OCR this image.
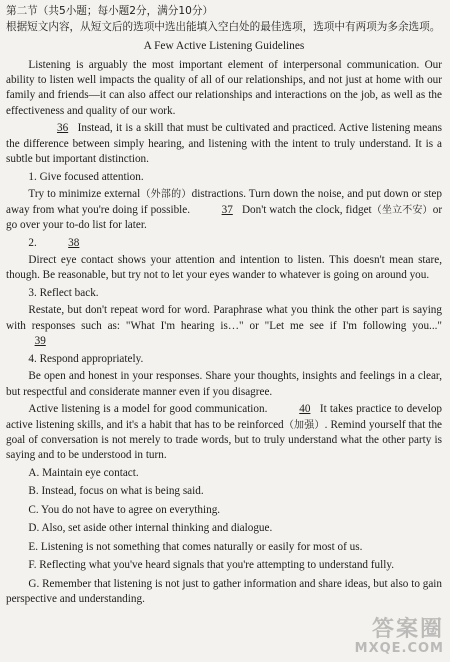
第二节（共5小题；每小题2分，满分10分）

根据短文内容，从短文后的选项中选出能填入空白处的最佳选项，选项中有两项为多余选项。

A Few Active Listening Guidelines

Listening is arguably the most important element of interpersonal communication. Our ability to listen well impacts the quality of all of our relationships, and not just at home with our family and friends—it can also affect our relationships and interactions on the job, as well as the effectiveness and quality of our work.

36 Instead, it is a skill that must be cultivated and practiced. Active listening means the difference between simply hearing, and listening with the intent to truly understand. It is a subtle but important distinction.

1. Give focused attention.

Try to minimize external（外部的）distractions. Turn down the noise, and put down or step away from what you're doing if possible.	37 Don't watch the clock, fidget（坐立不安）or go over your to-do list for later.

2.	38

Direct eye contact shows your attention and intention to listen. This doesn't mean stare, though. Be reasonable, but try not to let your eyes wander to whatever is going on around you.

3. Reflect back.

Restate, but don't repeat word for word. Paraphrase what you think the other part is saying with responses such as: "What I'm hearing is…" or "Let me see if I'm following you..." 39

4. Respond appropriately.

Be open and honest in your responses. Share your thoughts, insights and feelings in a clear, but respectful and considerate manner even if you disagree.

Active listening is a model for good communication.	40 It takes practice to develop active listening skills, and it's a habit that has to be reinforced（加强）. Remind yourself that the goal of conversation is not merely to trade words, but to truly understand what the other party is saying and to be understood in turn.

A. Maintain eye contact.

B. Instead, focus on what is being said.

C. You do not have to agree on everything.

D. Also, set aside other internal thinking and dialogue.

E. Listening is not something that comes naturally or easily for most of us.

F. Reflecting what you've heard signals that you're attempting to understand fully.

G. Remember that listening is not just to gather information and share ideas, but also to gain perspective and understanding.

答案圈
MXQE.COM
